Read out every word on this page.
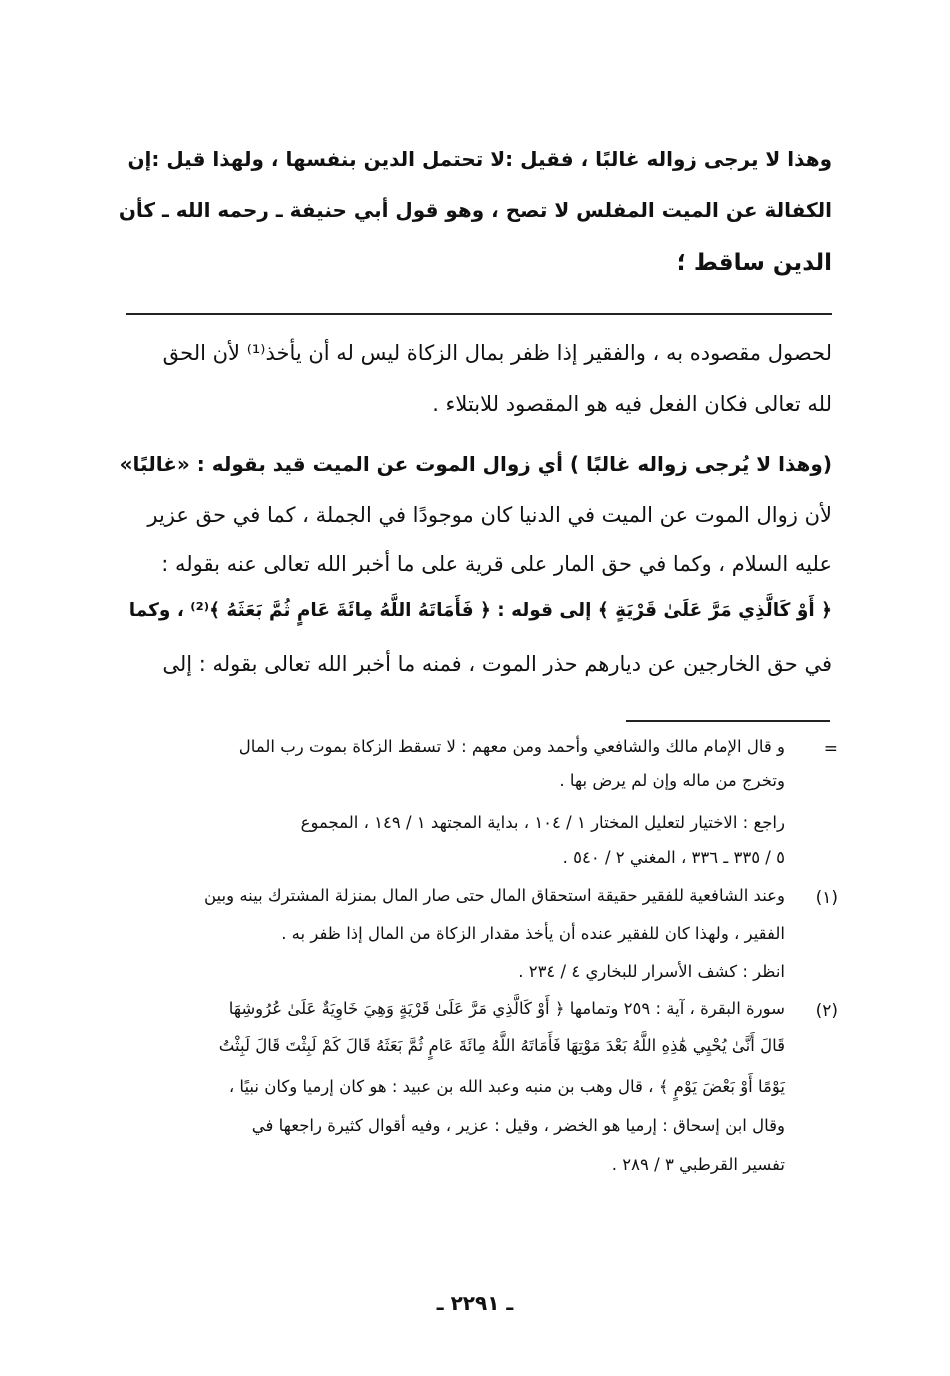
وهذا لا يرجى زواله غالبًا ، فقيل :لا تحتمل الدين بنفسها ، ولهذا قيل :إن
الكفالة عن الميت المفلس لا تصح ، وهو قول أبي حنيفة ـ رحمه الله ـ كأن
الدين ساقط ؛
لحصول مقصوده به ، والفقير إذا ظفر بمال الزكاة ليس له أن يأخذ⁽¹⁾ لأن الحق
لله تعالى فكان الفعل فيه هو المقصود للابتلاء .
(وهذا لا يُرجى زواله غالبًا ) أي زوال الموت عن الميت قيد بقوله : «غالبًا»
لأن زوال الموت عن الميت في الدنيا كان موجودًا في الجملة ، كما في حق عزير
عليه السلام ، وكما في حق المار على قرية على ما أخبر الله تعالى عنه بقوله :
﴿ أَوْ كَالَّذِي مَرَّ عَلَىٰ قَرْيَةٍ ﴾ إلى قوله : ﴿ فَأَمَاتَهُ اللَّهُ مِائَةَ عَامٍ ثُمَّ بَعَثَهُ ﴾⁽²⁾ ، وكما
في حق الخارجين عن ديارهم حذر الموت ، فمنه ما أخبر الله تعالى بقوله : إلى
=
و قال الإمام مالك والشافعي وأحمد ومن معهم : لا تسقط الزكاة بموت رب المال
وتخرج من ماله وإن لم يرض بها .
راجع : الاختيار لتعليل المختار ١ / ١٠٤ ، بداية المجتهد ١ / ١٤٩ ، المجموع
٥ / ٣٣٥ ـ ٣٣٦ ، المغني ٢ / ٥٤٠ .
(١)
وعند الشافعية للفقير حقيقة استحقاق المال حتى صار المال بمنزلة المشترك بينه وبين
الفقير ، ولهذا كان للفقير عنده أن يأخذ مقدار الزكاة من المال إذا ظفر به .
انظر : كشف الأسرار للبخاري ٤ / ٢٣٤ .
(٢)
سورة البقرة ، آية : ٢٥٩ وتمامها ﴿ أَوْ كَالَّذِي مَرَّ عَلَىٰ قَرْيَةٍ وَهِيَ خَاوِيَةٌ عَلَىٰ عُرُوشِهَا
قَالَ أَنَّىٰ يُحْيِي هَٰذِهِ اللَّهُ بَعْدَ مَوْتِهَا فَأَمَاتَهُ اللَّهُ مِائَةَ عَامٍ ثُمَّ بَعَثَهُ قَالَ كَمْ لَبِثْتَ قَالَ لَبِثْتُ
يَوْمًا أَوْ بَعْضَ يَوْمٍ ﴾ ، قال وهب بن منبه وعبد الله بن عبيد : هو كان إرميا وكان نبيًا ،
وقال ابن إسحاق : إرميا هو الخضر ، وقيل : عزير ، وفيه أقوال كثيرة راجعها في
تفسير القرطبي ٣ / ٢٨٩ .
ـ ٢٢٩١ ـ
